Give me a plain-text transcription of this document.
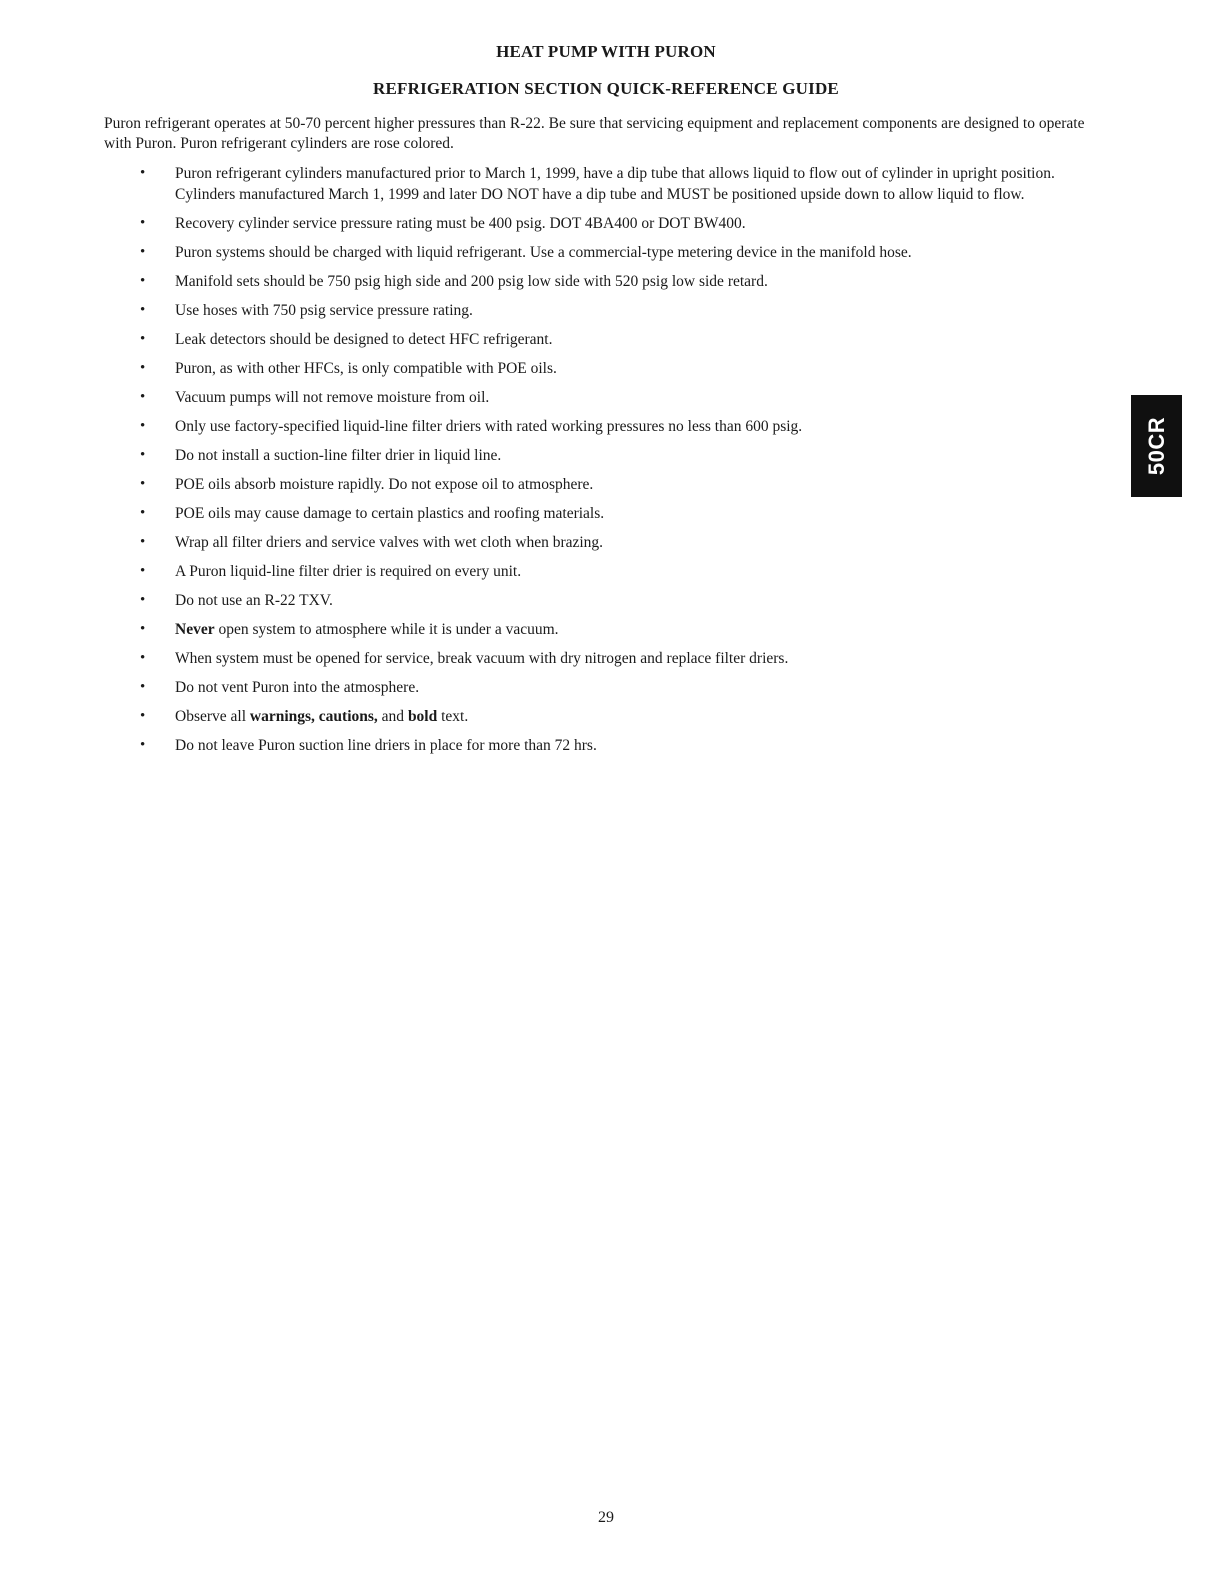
HEAT PUMP WITH PURON
REFRIGERATION SECTION QUICK-REFERENCE GUIDE

Puron refrigerant operates at 50-70 percent higher pressures than R-22. Be sure that servicing equipment and replacement components are designed to operate with Puron. Puron refrigerant cylinders are rose colored.

• Puron refrigerant cylinders manufactured prior to March 1, 1999, have a dip tube that allows liquid to flow out of cylinder in upright position. Cylinders manufactured March 1, 1999 and later DO NOT have a dip tube and MUST be positioned upside down to allow liquid to flow.
• Recovery cylinder service pressure rating must be 400 psig. DOT 4BA400 or DOT BW400.
• Puron systems should be charged with liquid refrigerant. Use a commercial-type metering device in the manifold hose.
• Manifold sets should be 750 psig high side and 200 psig low side with 520 psig low side retard.
• Use hoses with 750 psig service pressure rating.
• Leak detectors should be designed to detect HFC refrigerant.
• Puron, as with other HFCs, is only compatible with POE oils.
• Vacuum pumps will not remove moisture from oil.
• Only use factory-specified liquid-line filter driers with rated working pressures no less than 600 psig.
• Do not install a suction-line filter drier in liquid line.
• POE oils absorb moisture rapidly. Do not expose oil to atmosphere.
• POE oils may cause damage to certain plastics and roofing materials.
• Wrap all filter driers and service valves with wet cloth when brazing.
• A Puron liquid-line filter drier is required on every unit.
• Do not use an R-22 TXV.
• Never open system to atmosphere while it is under a vacuum.
• When system must be opened for service, break vacuum with dry nitrogen and replace filter driers.
• Do not vent Puron into the atmosphere.
• Observe all warnings, cautions, and bold text.
• Do not leave Puron suction line driers in place for more than 72 hrs.
50CR
29
